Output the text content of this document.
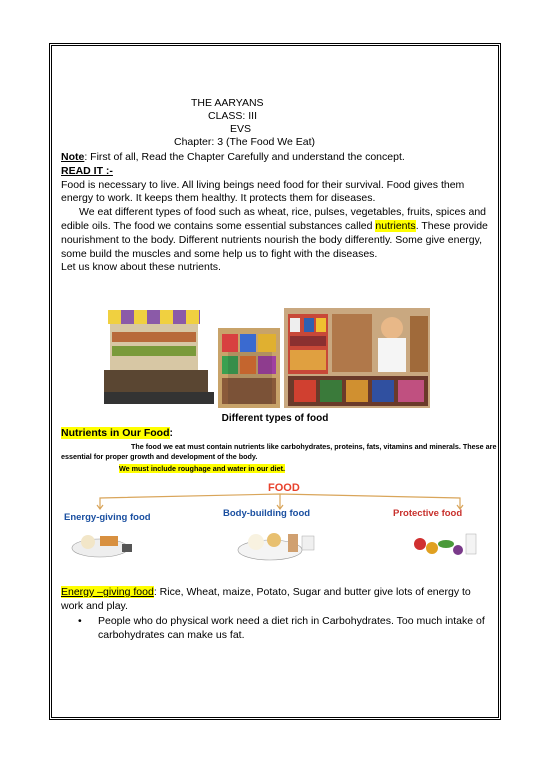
THE AARYANS
CLASS: III
EVS
Chapter: 3 (The Food We Eat)

Note: First of all, Read the Chapter Carefully and understand the concept.

READ IT :-

Food is necessary to live. All living beings need food for their survival. Food gives them energy to work. It keeps them healthy. It protects them for diseases.

We eat different types of food such as wheat, rice, pulses, vegetables, fruits, spices and edible oils. The food we contains some essential substances called nutrients. These provide nourishment to the body. Different nutrients nourish the body differently. Some give energy, some build the muscles and some help us to fight with the diseases.

Let us know about these nutrients.

Different types of food
Nutrients in Our Food:
The food we eat must contain nutrients like carbohydrates, proteins, fats, vitamins and minerals. These are essential for proper growth and development of the body.
We must include roughage and water in our diet.
FOOD
Energy-giving food	Body-building food	Protective food
Energy –giving food: Rice, Wheat, maize, Potato, Sugar and butter give lots of energy to work and play.
• People who do physical work need a diet rich in Carbohydrates. Too much intake of carbohydrates can make us fat.
